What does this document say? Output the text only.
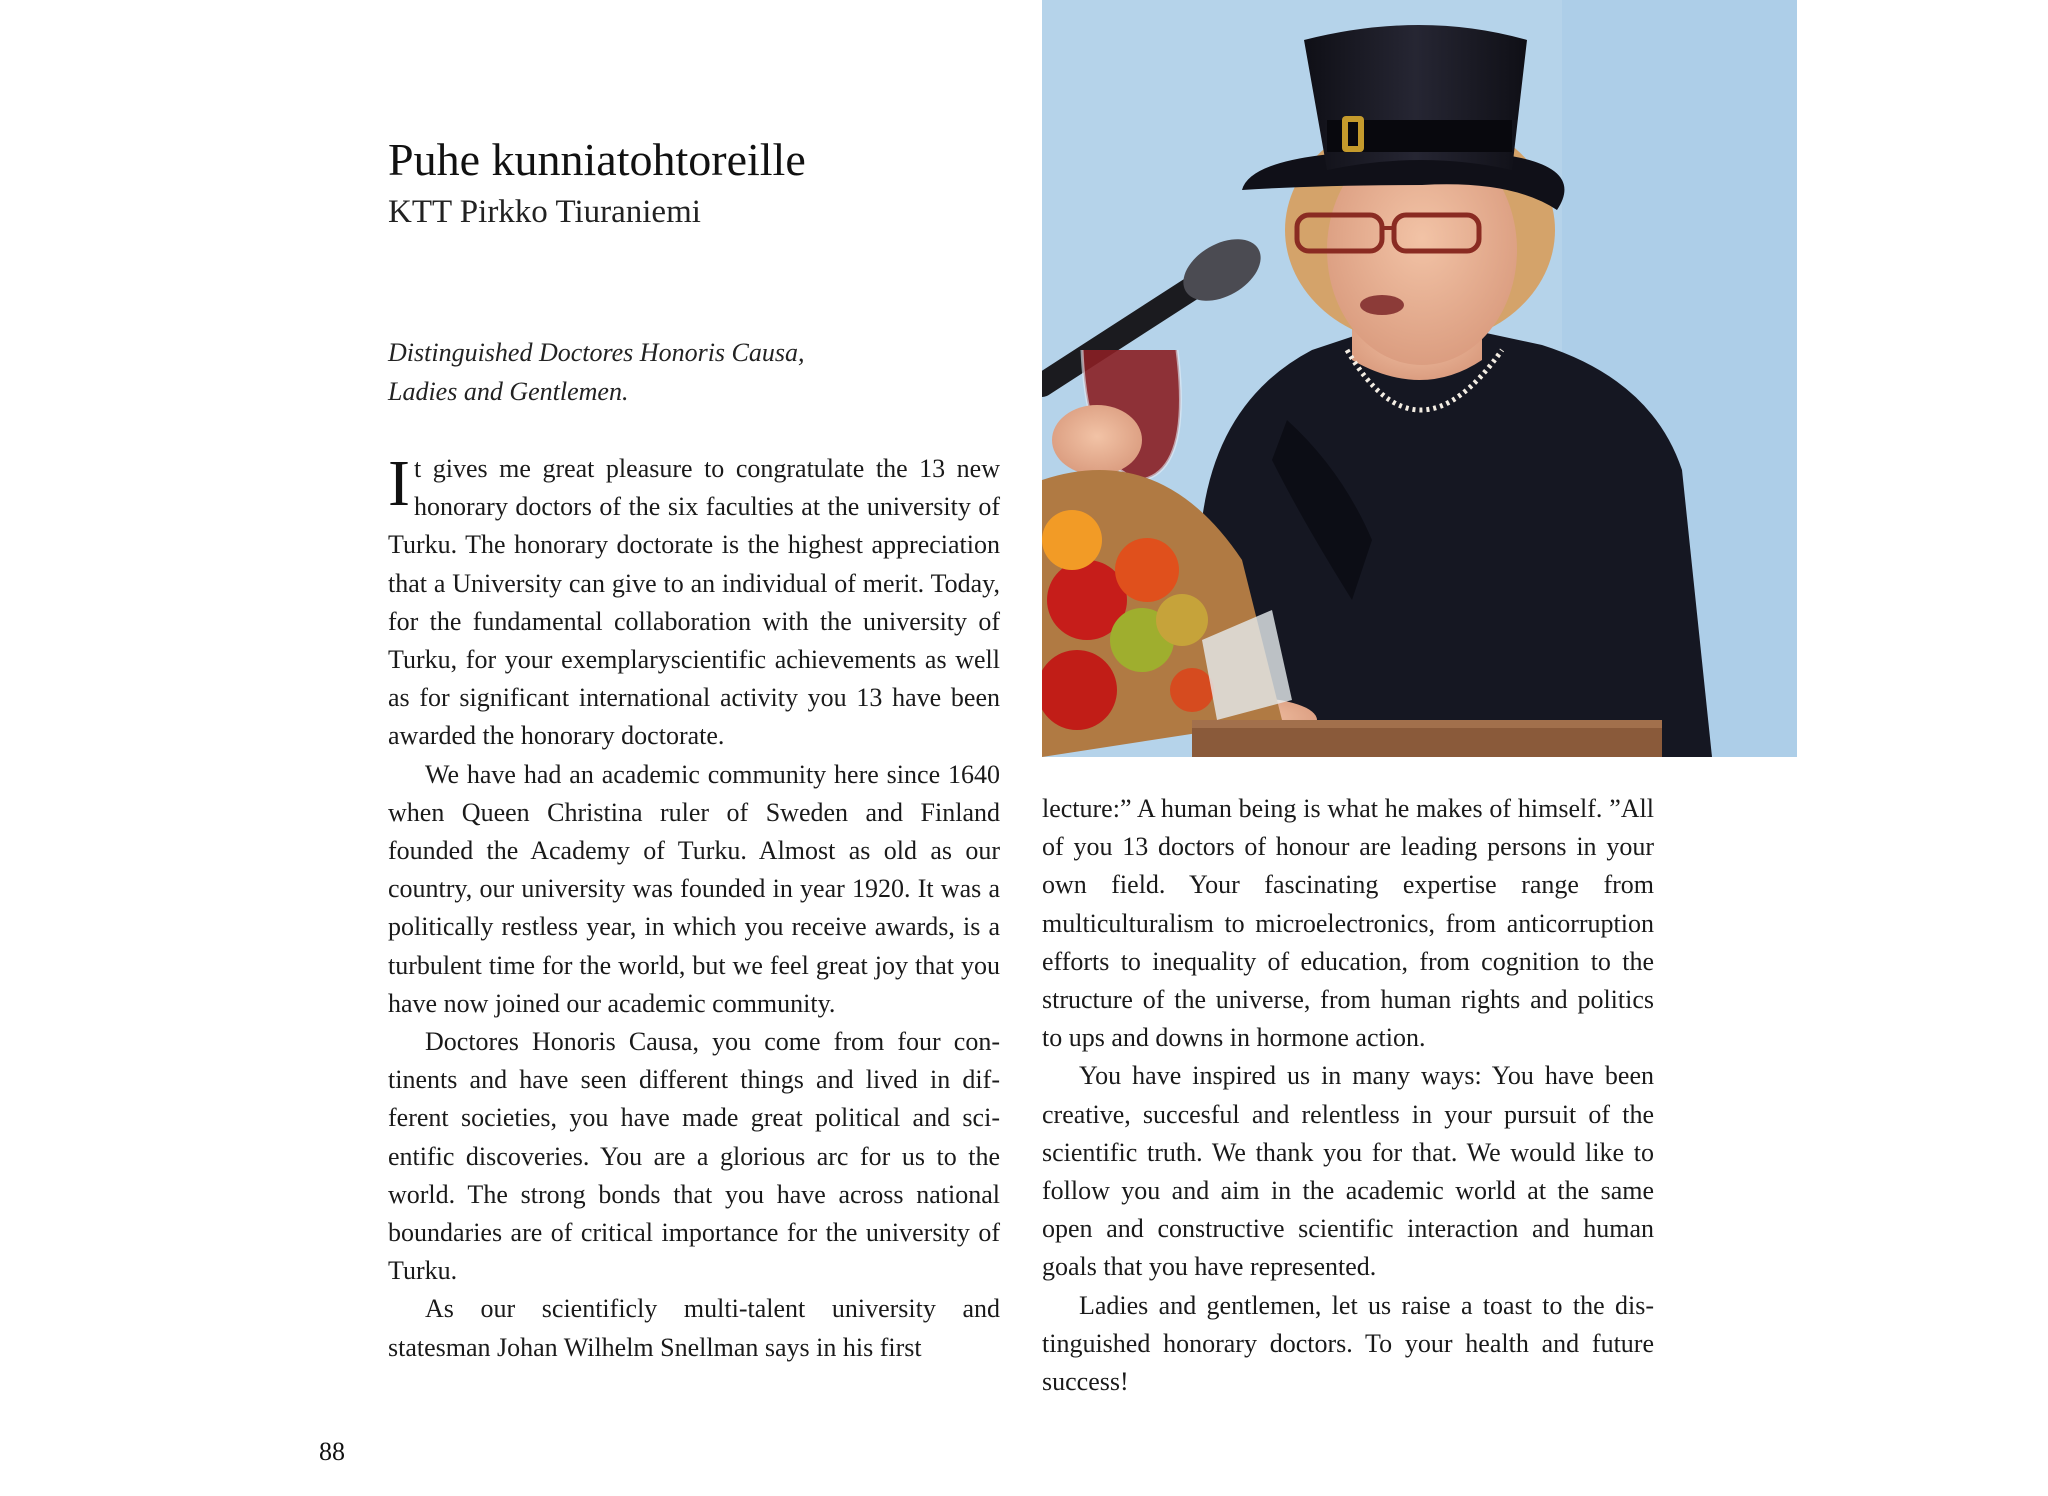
Puhe kunniatohtoreille
KTT Pirkko Tiuraniemi
Distinguished Doctores Honoris Causa,
Ladies and Gentlemen.

It gives me great pleasure to congratulate the 13 new honorary doctors of the six faculties at the university of Turku. The honorary doctorate is the highest appreciation that a University can give to an individual of merit. Today, for the fundamental collaboration with the university of Turku, for your exemplaryscientific achievements as well as for significant international activity you 13 have been awarded the honorary doctorate.

We have had an academic community here since 1640 when Queen Christina ruler of Sweden and Finland founded the Academy of Turku. Almost as old as our country, our university was founded in year 1920. It was a politically restless year, in which you receive awards, is a turbulent time for the world, but we feel great joy that you have now joined our academic community.

Doctores Honoris Causa, you come from four continents and have seen different things and lived in different societies, you have made great political and scientific discoveries. You are a glorious arc for us to the world. The strong bonds that you have across national boundaries are of critical importance for the university of Turku.

As our scientificly multi-talent university and statesman Johan Wilhelm Snellman says in his first

lecture:” A human being is what he makes of himself. ”All of you 13 doctors of honour are leading persons in your own field. Your fascinating expertise range from multiculturalism to microelectronics, from anticorruption efforts to inequality of education, from cognition to the structure of the universe, from human rights and politics to ups and downs in hormone action.

You have inspired us in many ways: You have been creative, succesful and relentless in your pursuit of the scientific truth. We thank you for that. We would like to follow you and aim in the academic world at the same open and constructive scientific interaction and human goals that you have represented.

Ladies and gentlemen, let us raise a toast to the distinguished honorary doctors. To your health and future success!

88
